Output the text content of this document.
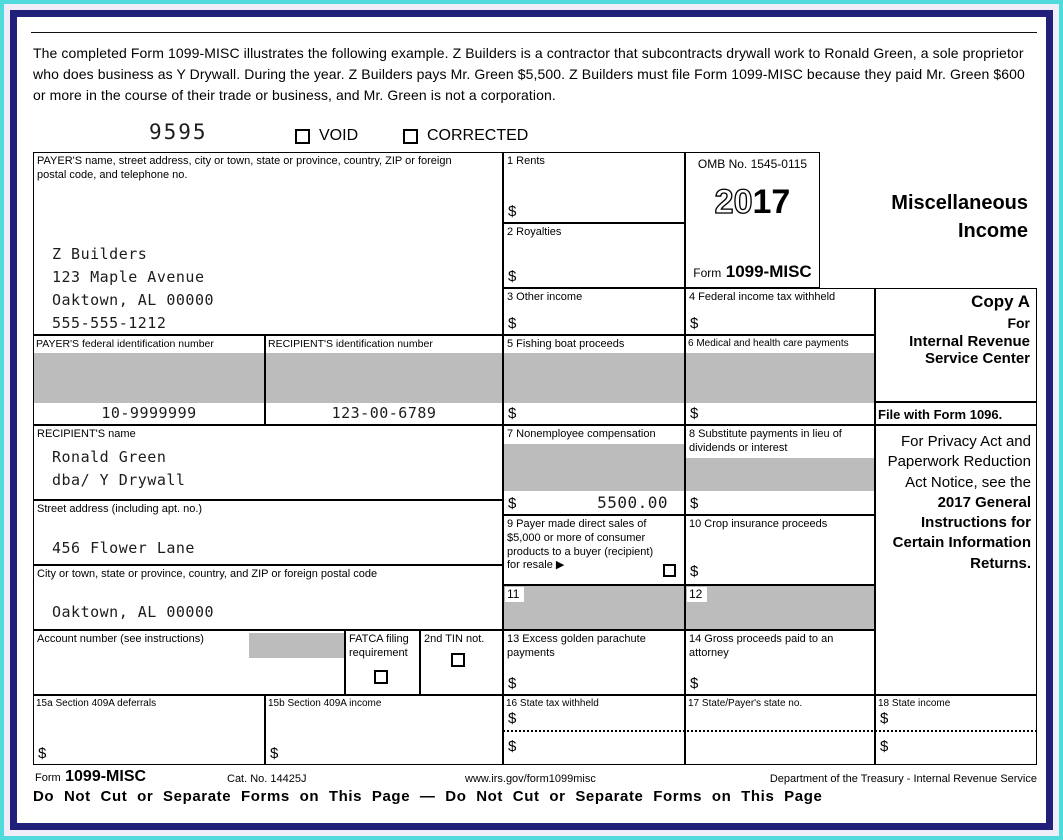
The completed Form 1099-MISC illustrates the following example. Z Builders is a contractor that subcontracts drywall work to Ronald Green, a sole proprietor who does business as Y Drywall. During the year. Z Builders pays Mr. Green $5,500. Z Builders must file Form 1099-MISC because they paid Mr. Green $600 or more in the course of their trade or business, and Mr. Green is not a corporation.
9595	VOID	CORRECTED
PAYER'S name, street address, city or town, state or province, country, ZIP or foreign postal code, and telephone no.
Z Builders
123 Maple Avenue
Oaktown, AL 00000
555-555-1212
1 Rents
$
2 Royalties
$
OMB No. 1545-0115
2017
Form 1099-MISC
Miscellaneous
Income
3 Other income
$
4 Federal income tax withheld
$
Copy A
For
Internal Revenue
Service Center
File with Form 1096.
PAYER'S federal identification number
10-9999999
RECIPIENT'S identification number
123-00-6789
5 Fishing boat proceeds
$
6 Medical and health care payments
$
RECIPIENT'S name
Ronald Green
dba/ Y Drywall
7 Nonemployee compensation
$	5500.00
8 Substitute payments in lieu of dividends or interest
$
For Privacy Act and Paperwork Reduction Act Notice, see the 2017 General Instructions for Certain Information Returns.
Street address (including apt. no.)
456 Flower Lane
9 Payer made direct sales of $5,000 or more of consumer products to a buyer (recipient) for resale ▶
10 Crop insurance proceeds
$
City or town, state or province, country, and ZIP or foreign postal code
Oaktown, AL 00000
11	12
Account number (see instructions)	FATCA filing requirement
2nd TIN not.	13 Excess golden parachute payments
$
14 Gross proceeds paid to an attorney
$
15a Section 409A deferrals
$
15b Section 409A income
$
16 State tax withheld
$
$
17 State/Payer's state no.	18 State income
$
$
Form 1099-MISC	Cat. No. 14425J	www.irs.gov/form1099misc	Department of the Treasury - Internal Revenue Service
Do Not Cut or Separate Forms on This Page — Do Not Cut or Separate Forms on This Page
